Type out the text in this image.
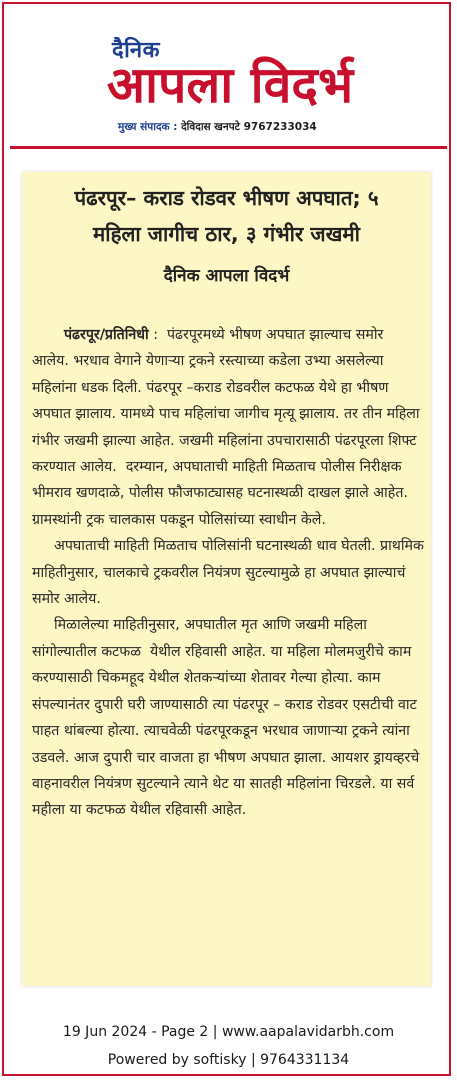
दैनिक
आपला विदर्भ
मुख्य संपादक : देविदास खनपटे 9767233034
पंढरपूर– कराड रोडवर भीषण अपघात; ५
महिला जागीच ठार, ३ गंभीर जखमी
दैनिक आपला विदर्भ

पंढरपूर/प्रतिनिधी :  पंढरपूरमध्ये भीषण अपघात झाल्याच समोर आलेय. भरधाव वेगाने येणाऱ्या ट्रकने रस्त्याच्या कडेला उभ्या असलेल्या महिलांना धडक दिली. पंढरपूर –कराड रोडवरील कटफळ येथे हा भीषण अपघात झालाय. यामध्ये पाच महिलांचा जागीच मृत्यू झालाय. तर तीन महिला गंभीर जखमी झाल्या आहेत. जखमी महिलांना उपचारासाठी पंढरपूरला शिफ्ट करण्यात आलेय.  दरम्यान, अपघाताची माहिती मिळताच पोलीस निरीक्षक भीमराव खणदाळे, पोलीस फौजफाट्यासह घटनास्थळी दाखल झाले आहेत. ग्रामस्थांनी ट्रक चालकास पकडून पोलिसांच्या स्वाधीन केले.

अपघाताची माहिती मिळताच पोलिसांनी घटनास्थळी धाव घेतली. प्राथमिक माहितीनुसार, चालकाचे ट्रकवरील नियंत्रण सुटल्यामुळे हा अपघात झाल्याचं समोर आलेय.

मिळालेल्या माहितीनुसार, अपघातील मृत आणि जखमी महिला सांगोल्यातील कटफळ  येथील रहिवासी आहेत. या महिला मोलमजुरीचे काम करण्यासाठी चिकमहूद येथील शेतकऱ्यांच्या शेतावर गेल्या होत्या. काम संपल्यानंतर दुपारी घरी जाण्यासाठी त्या पंढरपूर – कराड रोडवर एसटीची वाट पाहत थांबल्या होत्या. त्याचवेळी पंढरपूरकडून भरधाव जाणाऱ्या ट्रकने त्यांना उडवले. आज दुपारी चार वाजता हा भीषण अपघात झाला. आयशर ड्रायव्हरचे वाहनावरील नियंत्रण सुटल्याने त्याने थेट या सातही महिलांना चिरडले. या सर्व महीला या कटफळ येथील रहिवासी आहेत.

19 Jun 2024 - Page 2 | www.aapalavidarbh.com
Powered by softisky | 9764331134
